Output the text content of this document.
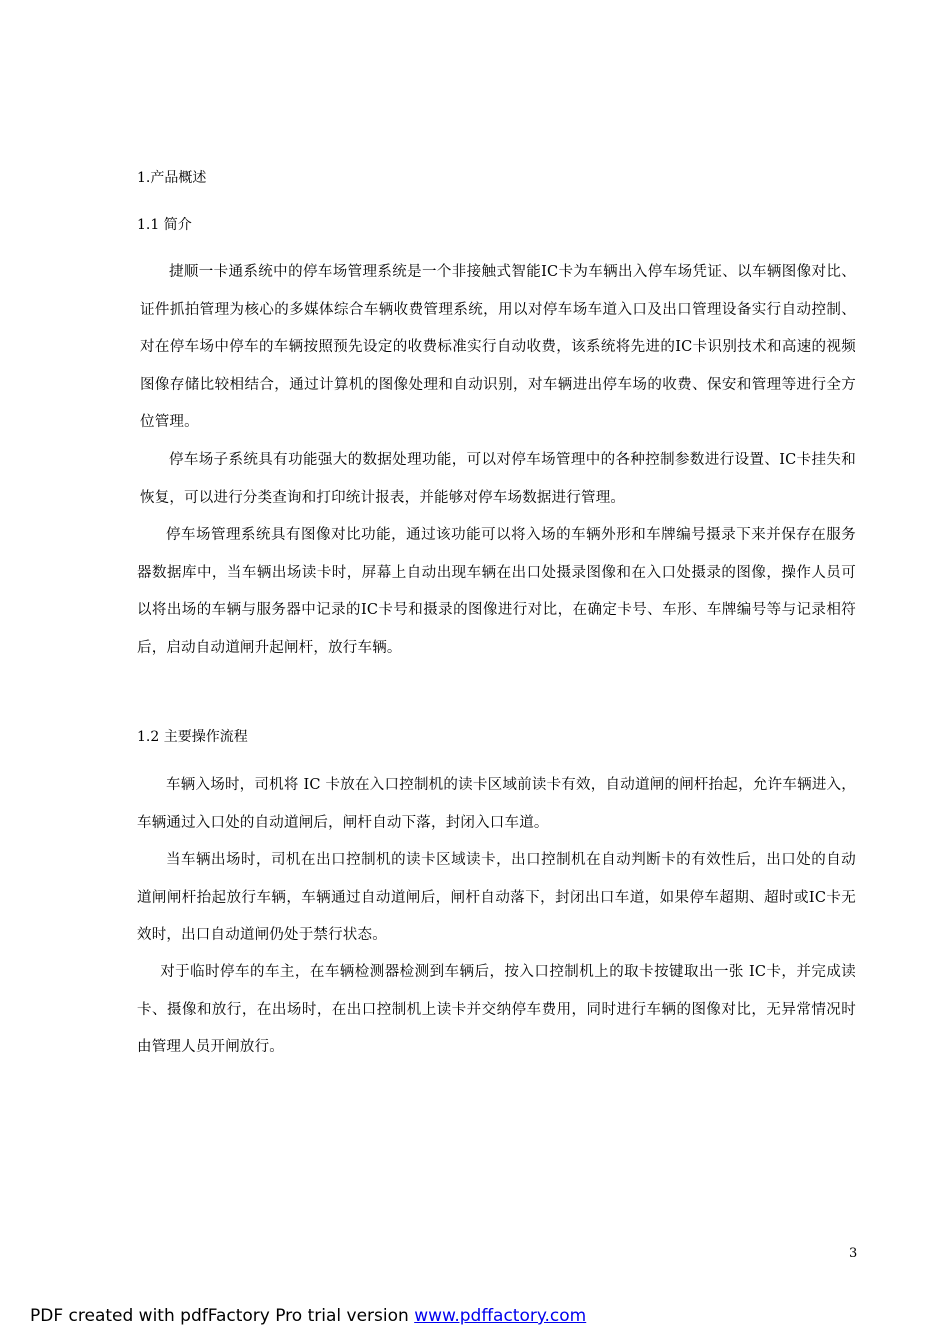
1.产品概述
1.1 简介

捷顺一卡通系统中的停车场管理系统是一个非接触式智能IC卡为车辆出入停车场凭证、以车辆图像对比、证件抓拍管理为核心的多媒体综合车辆收费管理系统，用以对停车场车道入口及出口管理设备实行自动控制、对在停车场中停车的车辆按照预先设定的收费标准实行自动收费，该系统将先进的IC卡识别技术和高速的视频图像存储比较相结合，通过计算机的图像处理和自动识别，对车辆进出停车场的收费、保安和管理等进行全方位管理。

停车场子系统具有功能强大的数据处理功能，可以对停车场管理中的各种控制参数进行设置、IC卡挂失和恢复，可以进行分类查询和打印统计报表，并能够对停车场数据进行管理。

停车场管理系统具有图像对比功能，通过该功能可以将入场的车辆外形和车牌编号摄录下来并保存在服务器数据库中，当车辆出场读卡时，屏幕上自动出现车辆在出口处摄录图像和在入口处摄录的图像，操作人员可以将出场的车辆与服务器中记录的IC卡号和摄录的图像进行对比，在确定卡号、车形、车牌编号等与记录相符后，启动自动道闸升起闸杆，放行车辆。

1.2 主要操作流程

车辆入场时，司机将 IC 卡放在入口控制机的读卡区域前读卡有效，自动道闸的闸杆抬起，允许车辆进入，车辆通过入口处的自动道闸后，闸杆自动下落，封闭入口车道。

当车辆出场时，司机在出口控制机的读卡区域读卡，出口控制机在自动判断卡的有效性后，出口处的自动道闸闸杆抬起放行车辆，车辆通过自动道闸后，闸杆自动落下，封闭出口车道，如果停车超期、超时或IC卡无效时，出口自动道闸仍处于禁行状态。

对于临时停车的车主，在车辆检测器检测到车辆后，按入口控制机上的取卡按键取出一张 IC卡，并完成读卡、摄像和放行，在出场时，在出口控制机上读卡并交纳停车费用，同时进行车辆的图像对比，无异常情况时由管理人员开闸放行。

3
PDF created with pdfFactory Pro trial version www.pdffactory.com
